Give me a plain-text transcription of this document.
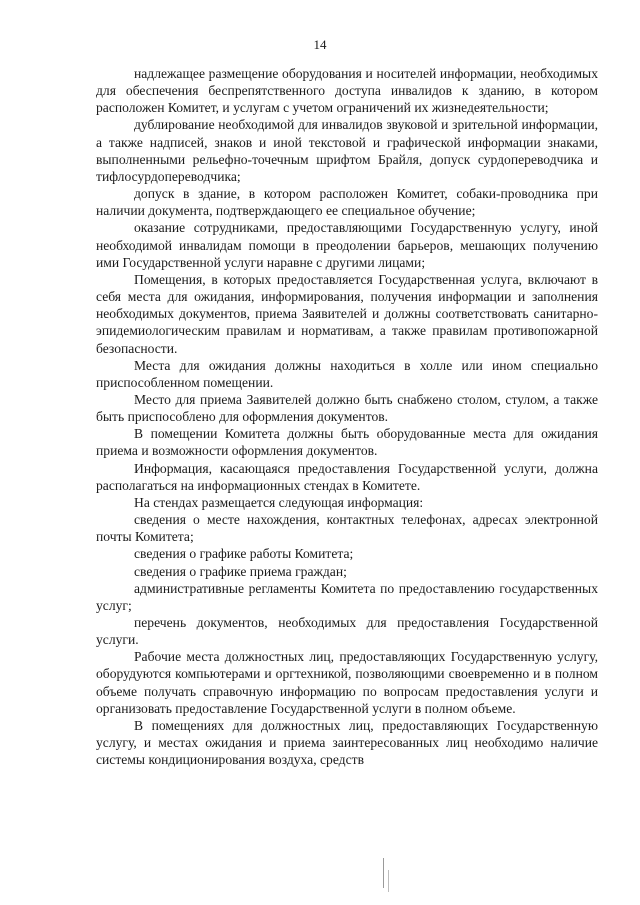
14

надлежащее размещение оборудования и носителей информации, необходимых для обеспечения беспрепятственного доступа инвалидов к зданию, в котором расположен Комитет, и услугам с учетом ограничений их жизнедеятельности;

дублирование необходимой для инвалидов звуковой и зрительной информации, а также надписей, знаков и иной текстовой и графической информации знаками, выполненными рельефно-точечным шрифтом Брайля, допуск сурдопереводчика и тифлосурдопереводчика;

допуск в здание, в котором расположен Комитет, собаки-проводника при наличии документа, подтверждающего ее специальное обучение;

оказание сотрудниками, предоставляющими Государственную услугу, иной необходимой инвалидам помощи в преодолении барьеров, мешающих получению ими Государственной услуги наравне с другими лицами;

Помещения, в которых предоставляется Государственная услуга, включают в себя места для ожидания, информирования, получения информации и заполнения необходимых документов, приема Заявителей и должны соответствовать санитарно-эпидемиологическим правилам и нормативам, а также правилам противопожарной безопасности.

Места для ожидания должны находиться в холле или ином специально приспособленном помещении.

Место для приема Заявителей должно быть снабжено столом, стулом, а также быть приспособлено для оформления документов.

В помещении Комитета должны быть оборудованные места для ожидания приема и возможности оформления документов.

Информация, касающаяся предоставления Государственной услуги, должна располагаться на информационных стендах в Комитете.

На стендах размещается следующая информация:

сведения о месте нахождения, контактных телефонах, адресах электронной почты Комитета;

сведения о графике работы Комитета;

сведения о графике приема граждан;

административные регламенты Комитета по предоставлению государственных услуг;

перечень документов, необходимых для предоставления Государственной услуги.

Рабочие места должностных лиц, предоставляющих Государственную услугу, оборудуются компьютерами и оргтехникой, позволяющими своевременно и в полном объеме получать справочную информацию по вопросам предоставления услуги и организовать предоставление Государственной услуги в полном объеме.

В помещениях для должностных лиц, предоставляющих Государственную услугу, и местах ожидания и приема заинтересованных лиц необходимо наличие системы кондиционирования воздуха, средств
